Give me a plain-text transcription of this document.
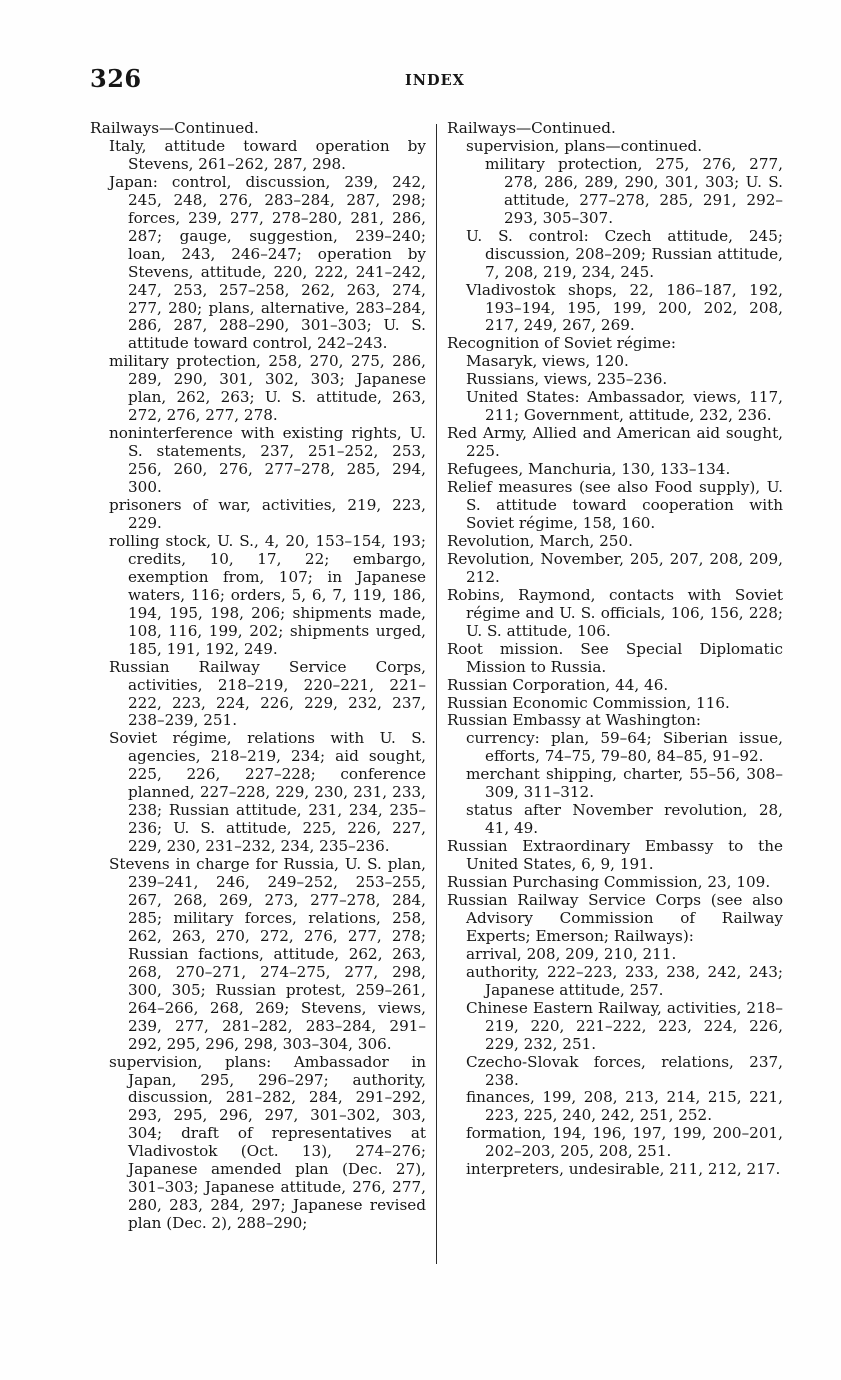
326	INDEX

Railways—Continued.

Italy, attitude toward operation by Stevens, 261–262, 287, 298.

Japan: control, discussion, 239, 242, 245, 248, 276, 283–284, 287, 298; forces, 239, 277, 278–280, 281, 286, 287; gauge, suggestion, 239–240; loan, 243, 246–247; operation by Stevens, attitude, 220, 222, 241–242, 247, 253, 257–258, 262, 263, 274, 277, 280; plans, alternative, 283–284, 286, 287, 288–290, 301–303; U. S. attitude toward control, 242–243.

military protection, 258, 270, 275, 286, 289, 290, 301, 302, 303; Japanese plan, 262, 263; U. S. attitude, 263, 272, 276, 277, 278.

noninterference with existing rights, U. S. statements, 237, 251–252, 253, 256, 260, 276, 277–278, 285, 294, 300.

prisoners of war, activities, 219, 223, 229.

rolling stock, U. S., 4, 20, 153–154, 193; credits, 10, 17, 22; embargo, exemption from, 107; in Japanese waters, 116; orders, 5, 6, 7, 119, 186, 194, 195, 198, 206; shipments made, 108, 116, 199, 202; shipments urged, 185, 191, 192, 249.

Russian Railway Service Corps, activities, 218–219, 220–221, 221–222, 223, 224, 226, 229, 232, 237, 238–239, 251.

Soviet régime, relations with U. S. agencies, 218–219, 234; aid sought, 225, 226, 227–228; conference planned, 227–228, 229, 230, 231, 233, 238; Russian attitude, 231, 234, 235–236; U. S. attitude, 225, 226, 227, 229, 230, 231–232, 234, 235–236.

Stevens in charge for Russia, U. S. plan, 239–241, 246, 249–252, 253–255, 267, 268, 269, 273, 277–278, 284, 285; military forces, relations, 258, 262, 263, 270, 272, 276, 277, 278; Russian factions, attitude, 262, 263, 268, 270–271, 274–275, 277, 298, 300, 305; Russian protest, 259–261, 264–266, 268, 269; Stevens, views, 239, 277, 281–282, 283–284, 291–292, 295, 296, 298, 303–304, 306.

supervision, plans: Ambassador in Japan, 295, 296–297; authority, discussion, 281–282, 284, 291–292, 293, 295, 296, 297, 301–302, 303, 304; draft of representatives at Vladivostok (Oct. 13), 274–276; Japanese amended plan (Dec. 27), 301–303; Japanese attitude, 276, 277, 280, 283, 284, 297; Japanese revised plan (Dec. 2), 288–290;

Railways—Continued.

supervision, plans—continued.

military protection, 275, 276, 277, 278, 286, 289, 290, 301, 303; U. S. attitude, 277–278, 285, 291, 292–293, 305–307.

U. S. control: Czech attitude, 245; discussion, 208–209; Russian attitude, 7, 208, 219, 234, 245.

Vladivostok shops, 22, 186–187, 192, 193–194, 195, 199, 200, 202, 208, 217, 249, 267, 269.

Recognition of Soviet régime:

Masaryk, views, 120.

Russians, views, 235–236.

United States: Ambassador, views, 117, 211; Government, attitude, 232, 236.

Red Army, Allied and American aid sought, 225.

Refugees, Manchuria, 130, 133–134.

Relief measures (see also Food supply), U. S. attitude toward cooperation with Soviet régime, 158, 160.

Revolution, March, 250.

Revolution, November, 205, 207, 208, 209, 212.

Robins, Raymond, contacts with Soviet régime and U. S. officials, 106, 156, 228; U. S. attitude, 106.

Root mission. See Special Diplomatic Mission to Russia.

Russian Corporation, 44, 46.

Russian Economic Commission, 116.

Russian Embassy at Washington:

currency: plan, 59–64; Siberian issue, efforts, 74–75, 79–80, 84–85, 91–92.

merchant shipping, charter, 55–56, 308–309, 311–312.

status after November revolution, 28, 41, 49.

Russian Extraordinary Embassy to the United States, 6, 9, 191.

Russian Purchasing Commission, 23, 109.

Russian Railway Service Corps (see also Advisory Commission of Railway Experts; Emerson; Railways):

arrival, 208, 209, 210, 211.

authority, 222–223, 233, 238, 242, 243; Japanese attitude, 257.

Chinese Eastern Railway, activities, 218–219, 220, 221–222, 223, 224, 226, 229, 232, 251.

Czecho-Slovak forces, relations, 237, 238.

finances, 199, 208, 213, 214, 215, 221, 223, 225, 240, 242, 251, 252.

formation, 194, 196, 197, 199, 200–201, 202–203, 205, 208, 251.

interpreters, undesirable, 211, 212, 217.
